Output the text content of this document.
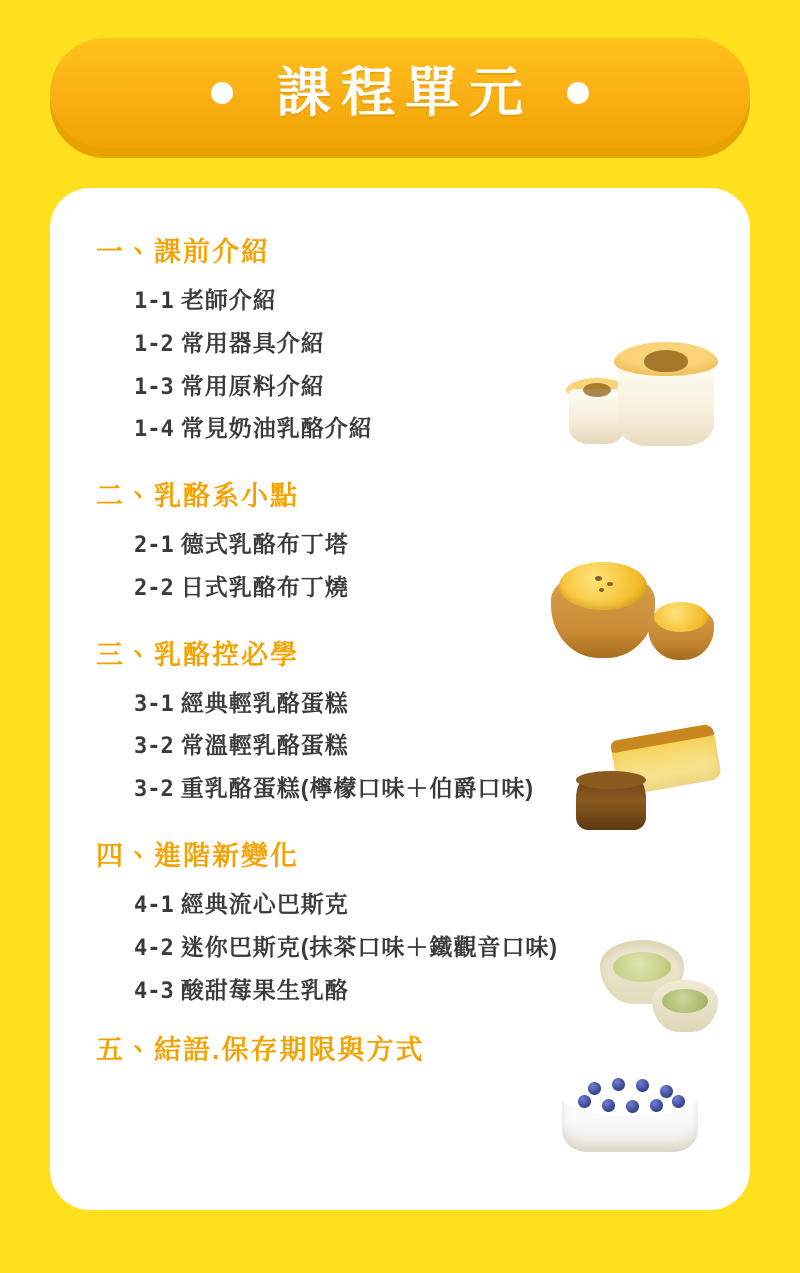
課程單元
一、課前介紹
1-1 老師介紹
1-2 常用器具介紹
1-3 常用原料介紹
1-4 常見奶油乳酪介紹
二、乳酪系小點
2-1 德式乳酪布丁塔
2-2 日式乳酪布丁燒
三、乳酪控必學
3-1 經典輕乳酪蛋糕
3-2 常溫輕乳酪蛋糕
3-2 重乳酪蛋糕(檸檬口味＋伯爵口味)
四、進階新變化
4-1 經典流心巴斯克
4-2 迷你巴斯克(抹茶口味＋鐵觀音口味)
4-3 酸甜莓果生乳酪
五、結語.保存期限與方式
